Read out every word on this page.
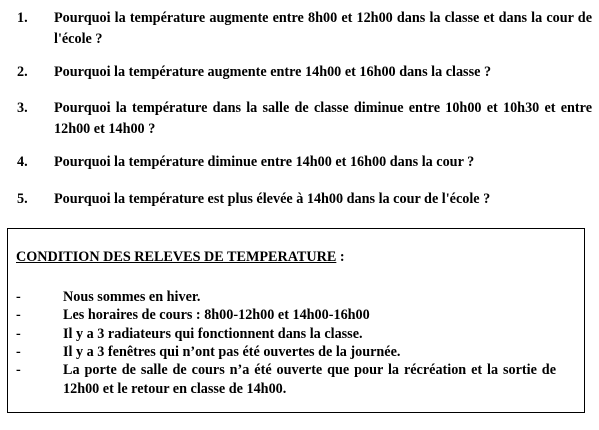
1. Pourquoi la température augmente entre 8h00 et 12h00 dans la classe et dans la cour de l'école ?
2. Pourquoi la température augmente entre 14h00 et 16h00 dans la classe ?
3. Pourquoi la température dans la salle de classe diminue entre 10h00 et 10h30 et entre 12h00 et 14h00 ?
4. Pourquoi la température diminue entre 14h00 et 16h00 dans la cour ?
5. Pourquoi la température est plus élevée à 14h00 dans la cour de l'école ?
CONDITION DES RELEVES DE TEMPERATURE :
-	Nous sommes en hiver.
-	Les horaires de cours : 8h00-12h00 et 14h00-16h00
-	Il y a 3 radiateurs qui fonctionnent dans la classe.
-	Il y a 3 fenêtres qui n’ont pas été ouvertes de la journée.
-	La porte de salle de cours n’a été ouverte que pour la récréation et la sortie de 12h00 et le retour en classe de 14h00.
